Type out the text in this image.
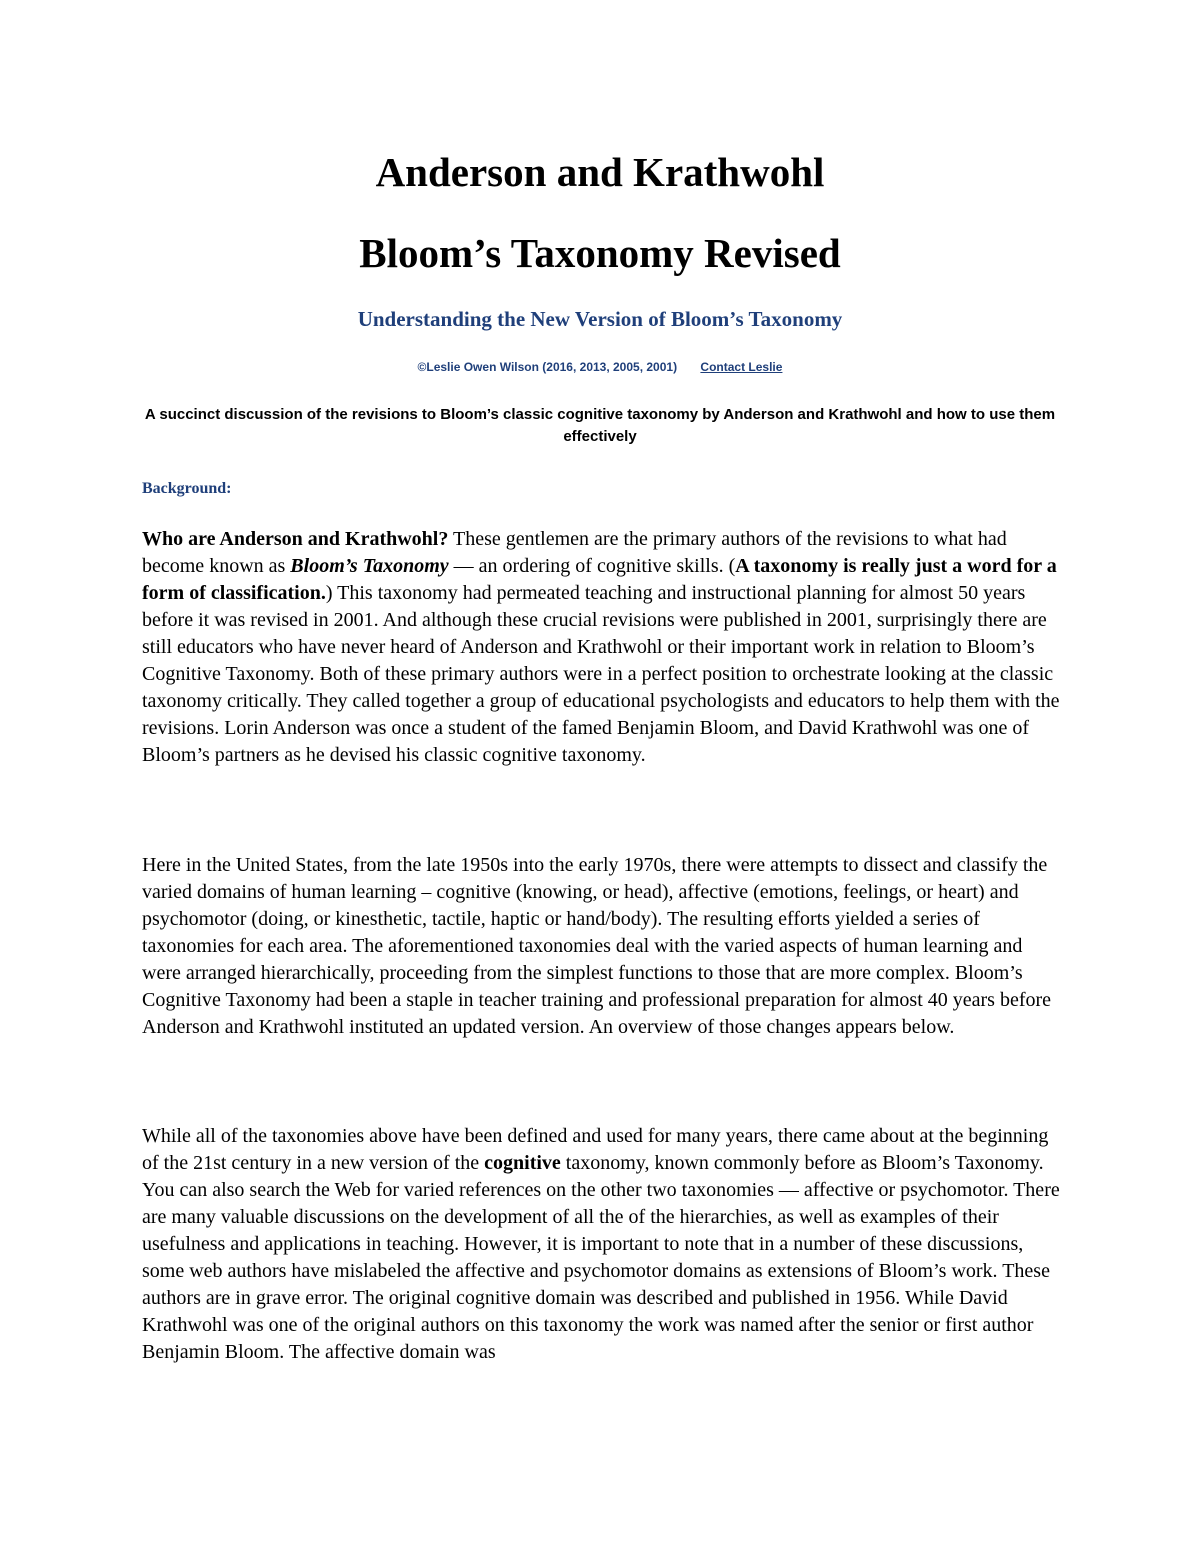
Anderson and Krathwohl
Bloom’s Taxonomy Revised
Understanding the New Version of Bloom’s Taxonomy
©Leslie Owen Wilson (2016, 2013, 2005, 2001) Contact Leslie

A succinct discussion of the revisions to Bloom’s classic cognitive taxonomy by Anderson and Krathwohl and how to use them effectively

Background:

Who are Anderson and Krathwohl? These gentlemen are the primary authors of the revisions to what had become known as Bloom’s Taxonomy — an ordering of cognitive skills. (A taxonomy is really just a word for a form of classification.) This taxonomy had permeated teaching and instructional planning for almost 50 years before it was revised in 2001. And although these crucial revisions were published in 2001, surprisingly there are still educators who have never heard of Anderson and Krathwohl or their important work in relation to Bloom’s Cognitive Taxonomy. Both of these primary authors were in a perfect position to orchestrate looking at the classic taxonomy critically. They called together a group of educational psychologists and educators to help them with the revisions. Lorin Anderson was once a student of the famed Benjamin Bloom, and David Krathwohl was one of Bloom’s partners as he devised his classic cognitive taxonomy.

Here in the United States, from the late 1950s into the early 1970s, there were attempts to dissect and classify the varied domains of human learning – cognitive (knowing, or head), affective (emotions, feelings, or heart) and psychomotor (doing, or kinesthetic, tactile, haptic or hand/body). The resulting efforts yielded a series of taxonomies for each area. The aforementioned taxonomies deal with the varied aspects of human learning and were arranged hierarchically, proceeding from the simplest functions to those that are more complex. Bloom’s Cognitive Taxonomy had been a staple in teacher training and professional preparation for almost 40 years before Anderson and Krathwohl instituted an updated version. An overview of those changes appears below.

While all of the taxonomies above have been defined and used for many years, there came about at the beginning of the 21st century in a new version of the cognitive taxonomy, known commonly before as Bloom’s Taxonomy. You can also search the Web for varied references on the other two taxonomies — affective or psychomotor. There are many valuable discussions on the development of all the of the hierarchies, as well as examples of their usefulness and applications in teaching. However, it is important to note that in a number of these discussions, some web authors have mislabeled the affective and psychomotor domains as extensions of Bloom’s work. These authors are in grave error. The original cognitive domain was described and published in 1956. While David Krathwohl was one of the original authors on this taxonomy the work was named after the senior or first author Benjamin Bloom. The affective domain was
